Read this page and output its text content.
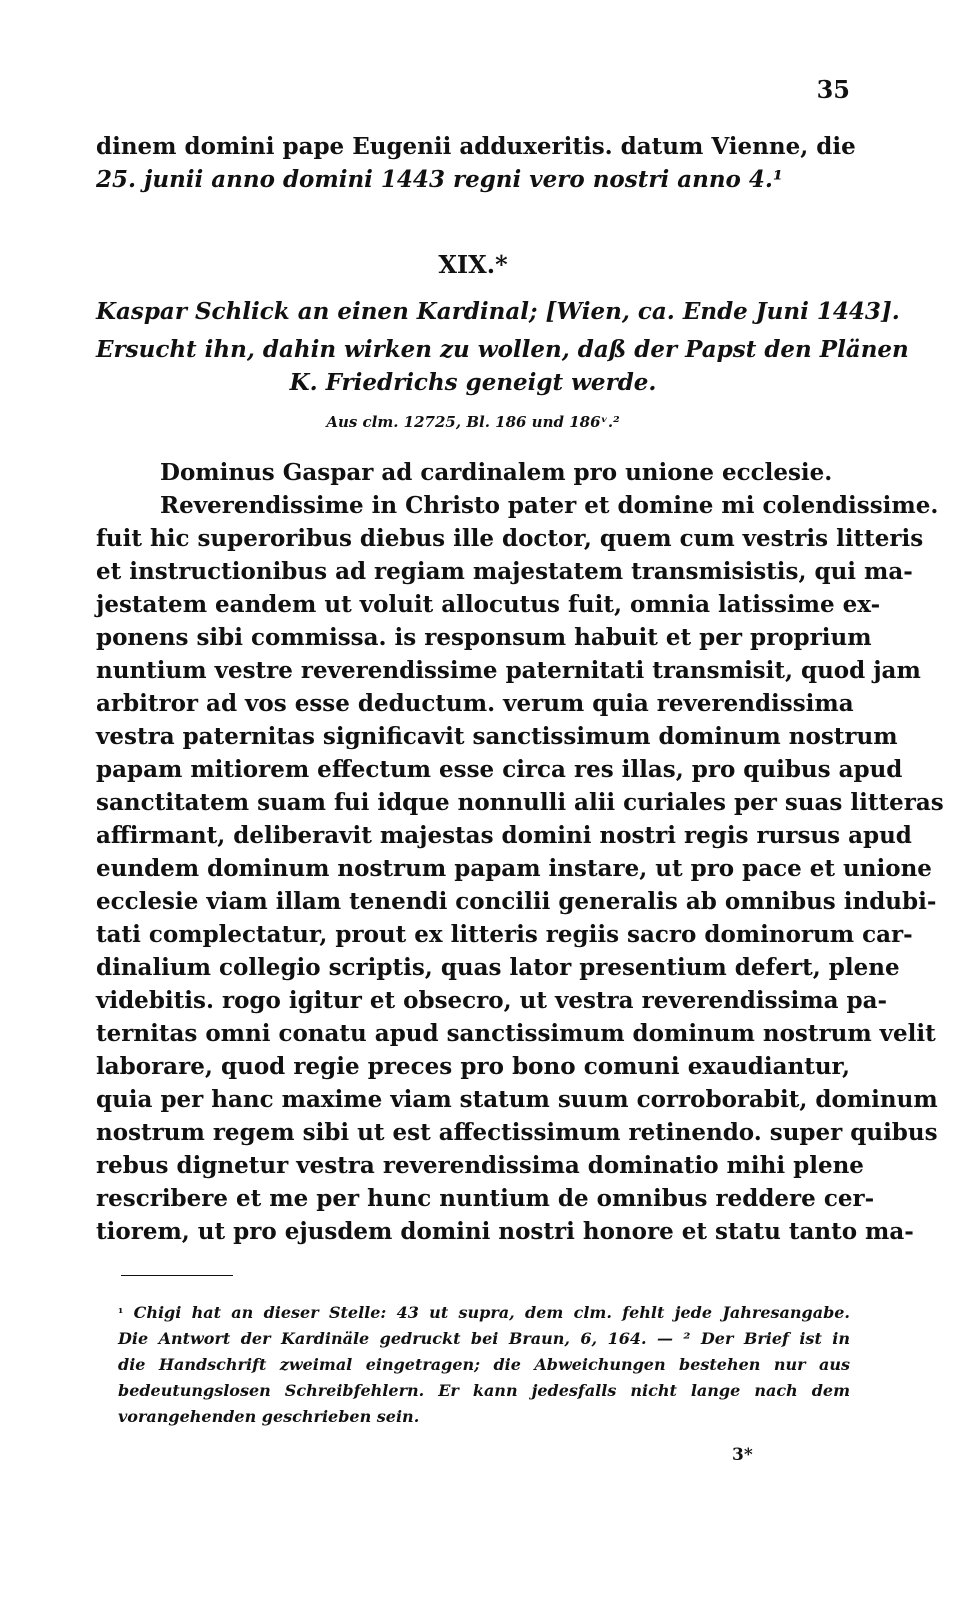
35
dinem domini pape Eugenii adduxeritis. datum Vienne, die
25. junii anno domini 1443 regni vero nostri anno 4.¹
XIX.*
Kaspar Schlick an einen Kardinal; [Wien, ca. Ende Juni 1443].
Ersucht ihn, dahin wirken zu wollen, daß der Papst den Plänen
K. Friedrichs geneigt werde.
Aus clm. 12725, Bl. 186 und 186ᵛ.²
Dominus Gaspar ad cardinalem pro unione ecclesie.
Reverendissime in Christo pater et domine mi colendissime.
fuit hic superoribus diebus ille doctor, quem cum vestris litteris
et instructionibus ad regiam majestatem transmisistis, qui ma-
jestatem eandem ut voluit allocutus fuit, omnia latissime ex-
ponens sibi commissa. is responsum habuit et per proprium
nuntium vestre reverendissime paternitati transmisit, quod jam
arbitror ad vos esse deductum. verum quia reverendissima
vestra paternitas significavit sanctissimum dominum nostrum
papam mitiorem effectum esse circa res illas, pro quibus apud
sanctitatem suam fui idque nonnulli alii curiales per suas litteras
affirmant, deliberavit majestas domini nostri regis rursus apud
eundem dominum nostrum papam instare, ut pro pace et unione
ecclesie viam illam tenendi concilii generalis ab omnibus indubi-
tati complectatur, prout ex litteris regiis sacro dominorum car-
dinalium collegio scriptis, quas lator presentium defert, plene
videbitis. rogo igitur et obsecro, ut vestra reverendissima pa-
ternitas omni conatu apud sanctissimum dominum nostrum velit
laborare, quod regie preces pro bono comuni exaudiantur,
quia per hanc maxime viam statum suum corroborabit, dominum
nostrum regem sibi ut est affectissimum retinendo. super quibus
rebus dignetur vestra reverendissima dominatio mihi plene
rescribere et me per hunc nuntium de omnibus reddere cer-
tiorem, ut pro ejusdem domini nostri honore et statu tanto ma-
$^{^1}$ Chigi hat an dieser Stelle: 43 ut supra, dem clm. fehlt jede Jahresangabe.
Die Antwort der Kardinäle gedruckt bei Braun, 6, 164. — ² Der Brief ist in
die Handschrift zweimal eingetragen; die Abweichungen bestehen nur aus
bedeutungslosen Schreibfehlern. Er kann jedesfalls nicht lange nach dem
vorangehenden geschrieben sein.
3*
